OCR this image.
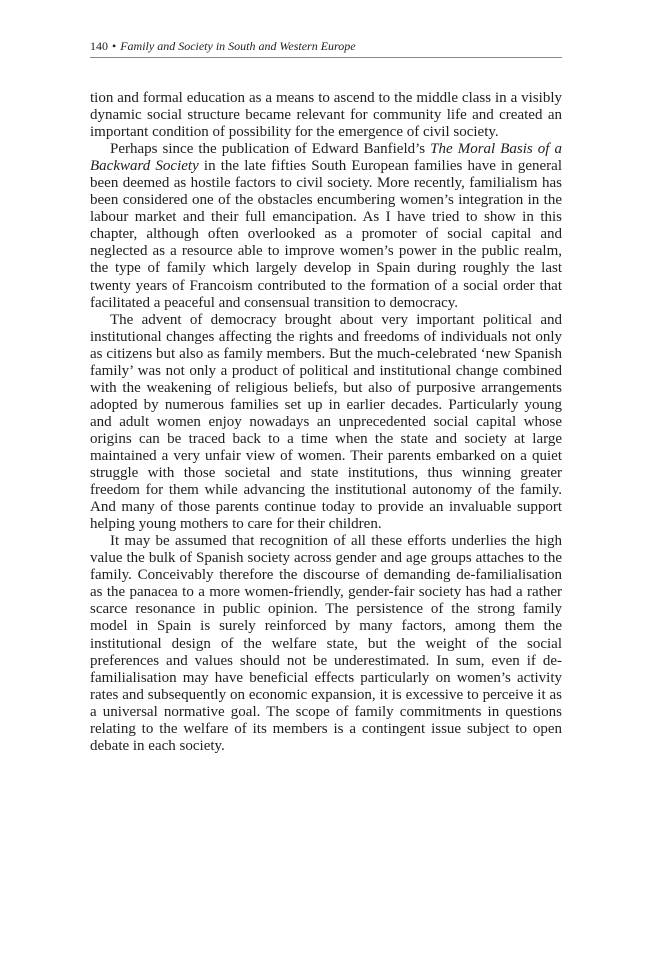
140 • Family and Society in South and Western Europe

tion and formal education as a means to ascend to the middle class in a visibly dynamic social structure became relevant for community life and created an important condition of possibility for the emergence of civil society.

Perhaps since the publication of Edward Banfield’s The Moral Basis of a Backward Society in the late fifties South European families have in general been deemed as hostile factors to civil society. More recently, familialism has been considered one of the obstacles encumbering women’s integration in the labour market and their full emancipation. As I have tried to show in this chapter, although often overlooked as a promoter of social capital and neglected as a resource able to improve women’s power in the public realm, the type of family which largely develop in Spain during roughly the last twenty years of Francoism contributed to the formation of a social order that facilitated a peaceful and consensual transition to democracy.

The advent of democracy brought about very important political and institutional changes affecting the rights and freedoms of individuals not only as citizens but also as family members. But the much-celebrated ‘new Spanish family’ was not only a product of political and institutional change combined with the weakening of religious beliefs, but also of purposive arrangements adopted by numerous families set up in earlier decades. Particularly young and adult women enjoy nowadays an unprecedented social capital whose origins can be traced back to a time when the state and society at large maintained a very unfair view of women. Their parents embarked on a quiet struggle with those societal and state institutions, thus winning greater freedom for them while advancing the institutional autonomy of the family. And many of those parents continue today to provide an invaluable support helping young mothers to care for their children.

It may be assumed that recognition of all these efforts underlies the high value the bulk of Spanish society across gender and age groups attaches to the family. Conceivably therefore the discourse of demanding de-familialisation as the panacea to a more women-friendly, gender-fair society has had a rather scarce resonance in public opinion. The persistence of the strong family model in Spain is surely reinforced by many factors, among them the institutional design of the welfare state, but the weight of the social preferences and values should not be underestimated. In sum, even if de-familialisation may have beneficial effects particularly on women’s activity rates and subsequently on economic expansion, it is excessive to perceive it as a universal normative goal. The scope of family commitments in questions relating to the welfare of its members is a contingent issue subject to open debate in each society.
